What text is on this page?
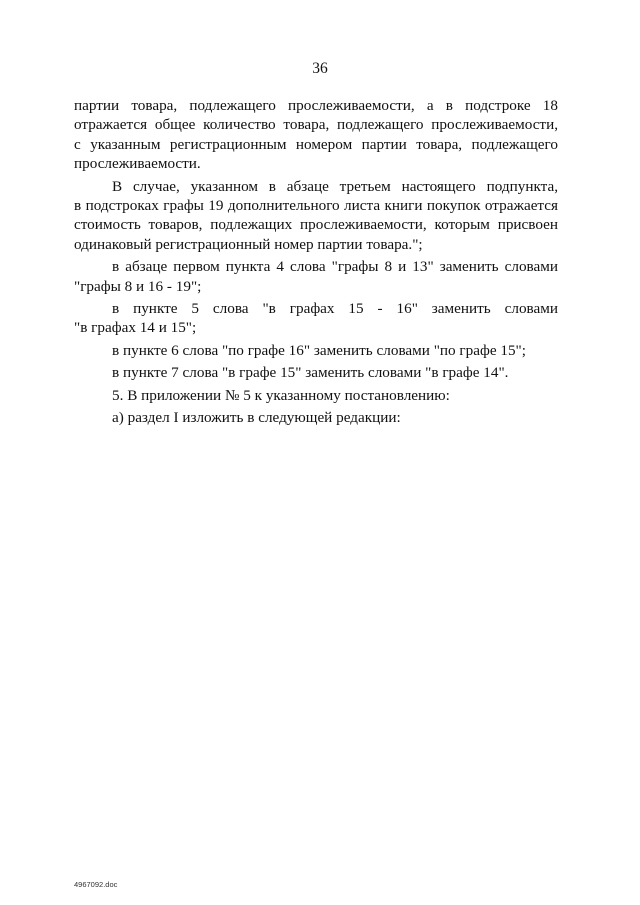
36
партии товара, подлежащего прослеживаемости, а в подстроке 18
отражается общее количество товара, подлежащего прослеживаемости,
с указанным регистрационным номером партии товара, подлежащего
прослеживаемости.
В случае, указанном в абзаце третьем настоящего подпункта,
в подстроках графы 19 дополнительного листа книги покупок отражается
стоимость товаров, подлежащих прослеживаемости, которым присвоен
одинаковый регистрационный номер партии товара.";
в абзаце первом пункта 4 слова "графы 8 и 13" заменить словами
"графы 8 и 16 - 19";
в пункте 5 слова "в графах 15 - 16" заменить словами
"в графах 14 и 15";
в пункте 6 слова "по графе 16" заменить словами "по графе 15";
в пункте 7 слова "в графе 15" заменить словами "в графе 14".
5. В приложении № 5 к указанному постановлению:
а) раздел I изложить в следующей редакции:
4967092.doc
